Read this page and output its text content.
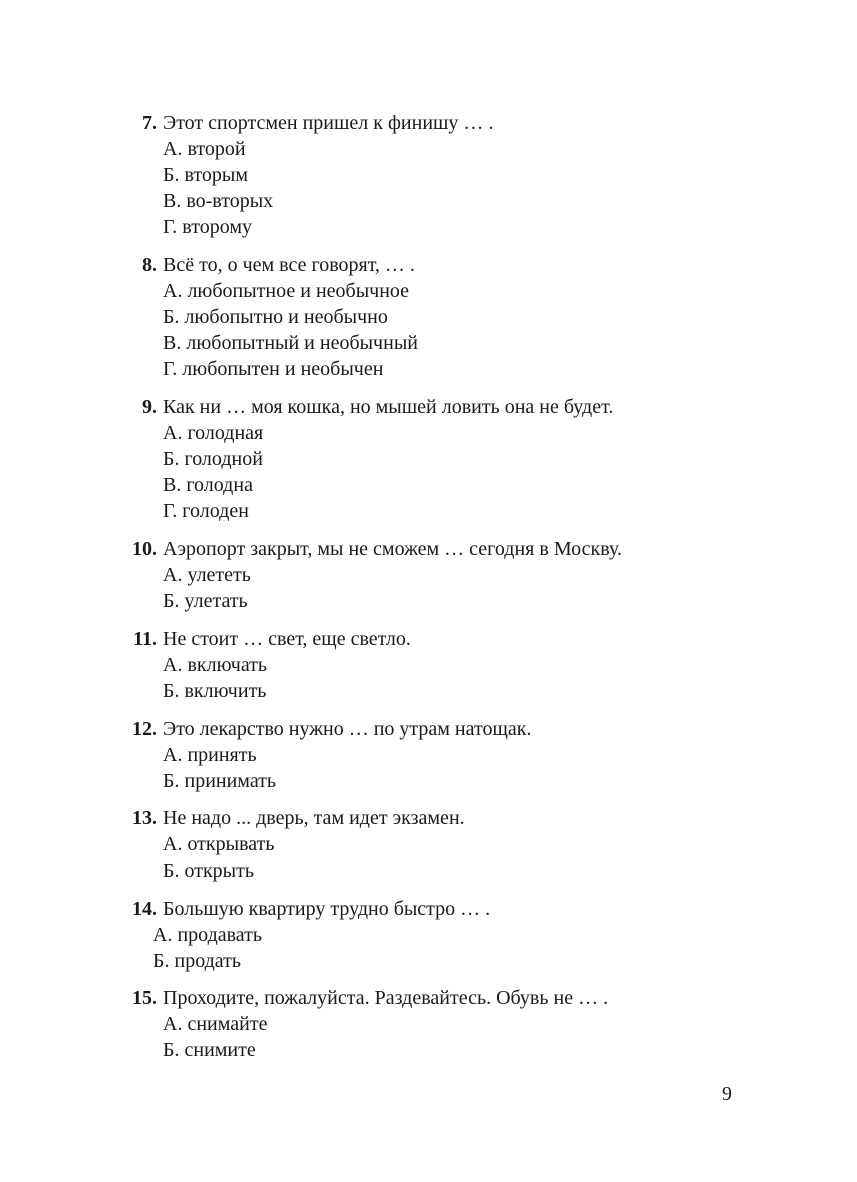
7. Этот спортсмен пришел к финишу … .
А. второй
Б. вторым
В. во-вторых
Г. второму
8. Всё то, о чем все говорят, … .
А. любопытное и необычное
Б. любопытно и необычно
В. любопытный и необычный
Г. любопытен и необычен
9. Как ни … моя кошка, но мышей ловить она не будет.
А. голодная
Б. голодной
В. голодна
Г. голоден
10. Аэропорт закрыт, мы не сможем … сегодня в Москву.
А. улететь
Б. улетать
11. Не стоит … свет, еще светло.
А. включать
Б. включить
12. Это лекарство нужно … по утрам натощак.
А. принять
Б. принимать
13. Не надо ... дверь, там идет экзамен.
А. открывать
Б. открыть
14. Большую квартиру трудно быстро … .
А. продавать
Б. продать
15. Проходите, пожалуйста. Раздевайтесь. Обувь не … .
А. снимайте
Б. снимите
9
